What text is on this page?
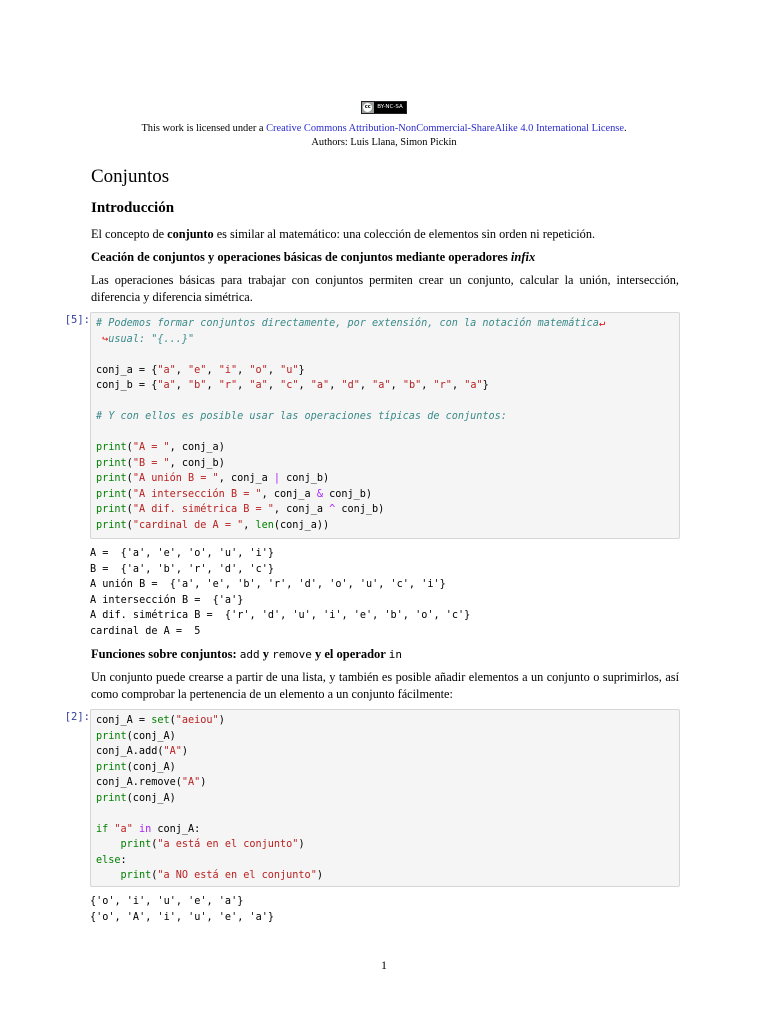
cc	BY-NC-SA
This work is licensed under a Creative Commons Attribution-NonCommercial-ShareAlike 4.0 International License.
Authors: Luis Llana, Simon Pickin
Conjuntos
Introducción

El concepto de conjunto es similar al matemático: una colección de elementos sin orden ni repetición.

Ceación de conjuntos y operaciones básicas de conjuntos mediante operadores infix

Las operaciones básicas para trabajar con conjuntos permiten crear un conjunto, calcular la unión, intersección, diferencia y diferencia simétrica.

[5]: # Podemos formar conjuntos directamente, por extensión, con la notación matemática↵
↪usual: "{...}"

conj_a = {"a", "e", "i", "o", "u"}
conj_b = {"a", "b", "r", "a", "c", "a", "d", "a", "b", "r", "a"}

# Y con ellos es posible usar las operaciones típicas de conjuntos:

print("A = ", conj_a)
print("B = ", conj_b)
print("A unión B = ", conj_a | conj_b)
print("A intersección B = ", conj_a & conj_b)
print("A dif. simétrica B = ", conj_a ^ conj_b)
print("cardinal de A = ", len(conj_a))
A =  {'a', 'e', 'o', 'u', 'i'}
B =  {'a', 'b', 'r', 'd', 'c'}
A unión B =  {'a', 'e', 'b', 'r', 'd', 'o', 'u', 'c', 'i'}
A intersección B =  {'a'}
A dif. simétrica B =  {'r', 'd', 'u', 'i', 'e', 'b', 'o', 'c'}
cardinal de A =  5
Funciones sobre conjuntos: add y remove y el operador in

Un conjunto puede crearse a partir de una lista, y también es posible añadir elementos a un conjunto o suprimirlos, así como comprobar la pertenencia de un elemento a un conjunto fácilmente:

[2]: conj_A = set("aeiou")
print(conj_A)
conj_A.add("A")
print(conj_A)
conj_A.remove("A")
print(conj_A)

if "a" in conj_A:
print("a está en el conjunto")
else:
print("a NO está en el conjunto")
{'o', 'i', 'u', 'e', 'a'}
{'o', 'A', 'i', 'u', 'e', 'a'}
1
